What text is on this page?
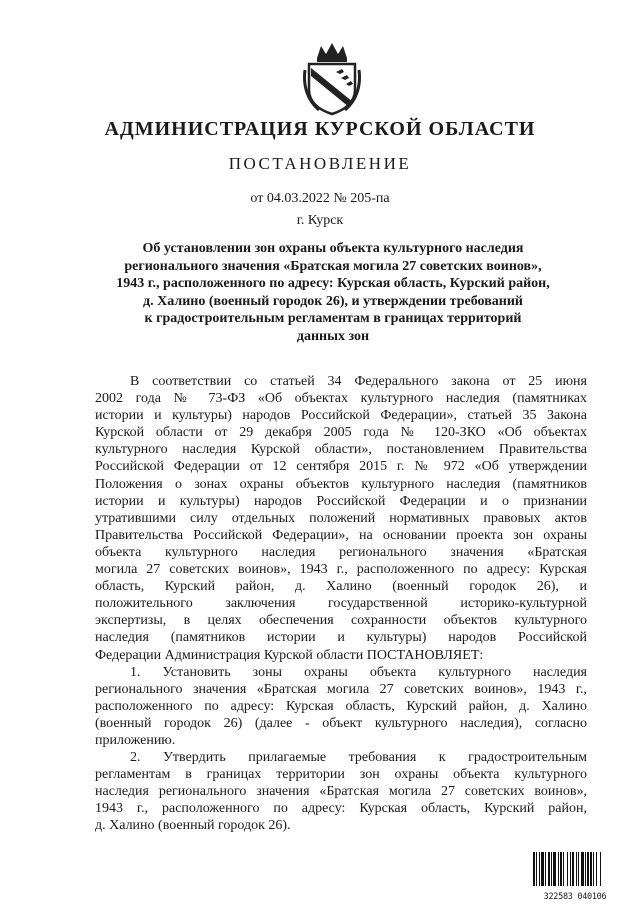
АДМИНИСТРАЦИЯ КУРСКОЙ ОБЛАСТИ
ПОСТАНОВЛЕНИЕ
от 04.03.2022 № 205-па
г. Курск
Об установлении зон охраны объекта культурного наследия
регионального значения «Братская могила 27 советских воинов»,
1943 г., расположенного по адресу: Курская область, Курский район,
д. Халино (военный городок 26), и утверждении требований
к градостроительным регламентам в границах территорий
данных зон
В соответствии со статьей 34 Федерального закона от 25 июня
2002 года № 73-ФЗ «Об объектах культурного наследия (памятниках
истории и культуры) народов Российской Федерации», статьей 35 Закона
Курской области от 29 декабря 2005 года № 120-ЗКО «Об объектах
культурного наследия Курской области», постановлением Правительства
Российской Федерации от 12 сентября 2015 г. № 972 «Об утверждении
Положения о зонах охраны объектов культурного наследия (памятников
истории и культуры) народов Российской Федерации и о признании
утратившими силу отдельных положений нормативных правовых актов
Правительства Российской Федерации», на основании проекта зон охраны
объекта культурного наследия регионального значения «Братская
могила 27 советских воинов», 1943 г., расположенного по адресу: Курская
область, Курский район, д. Халино (военный городок 26), и
положительного заключения государственной историко-культурной
экспертизы, в целях обеспечения сохранности объектов культурного
наследия (памятников истории и культуры) народов Российской
Федерации Администрация Курской области ПОСТАНОВЛЯЕТ:
1. Установить зоны охраны объекта культурного наследия
регионального значения «Братская могила 27 советских воинов», 1943 г.,
расположенного по адресу: Курская область, Курский район, д. Халино
(военный городок 26) (далее - объект культурного наследия), согласно
приложению.
2. Утвердить прилагаемые требования к градостроительным
регламентам в границах территории зон охраны объекта культурного
наследия регионального значения «Братская могила 27 советских воинов»,
1943 г., расположенного по адресу: Курская область, Курский район,
д. Халино (военный городок 26).
322583 040106
